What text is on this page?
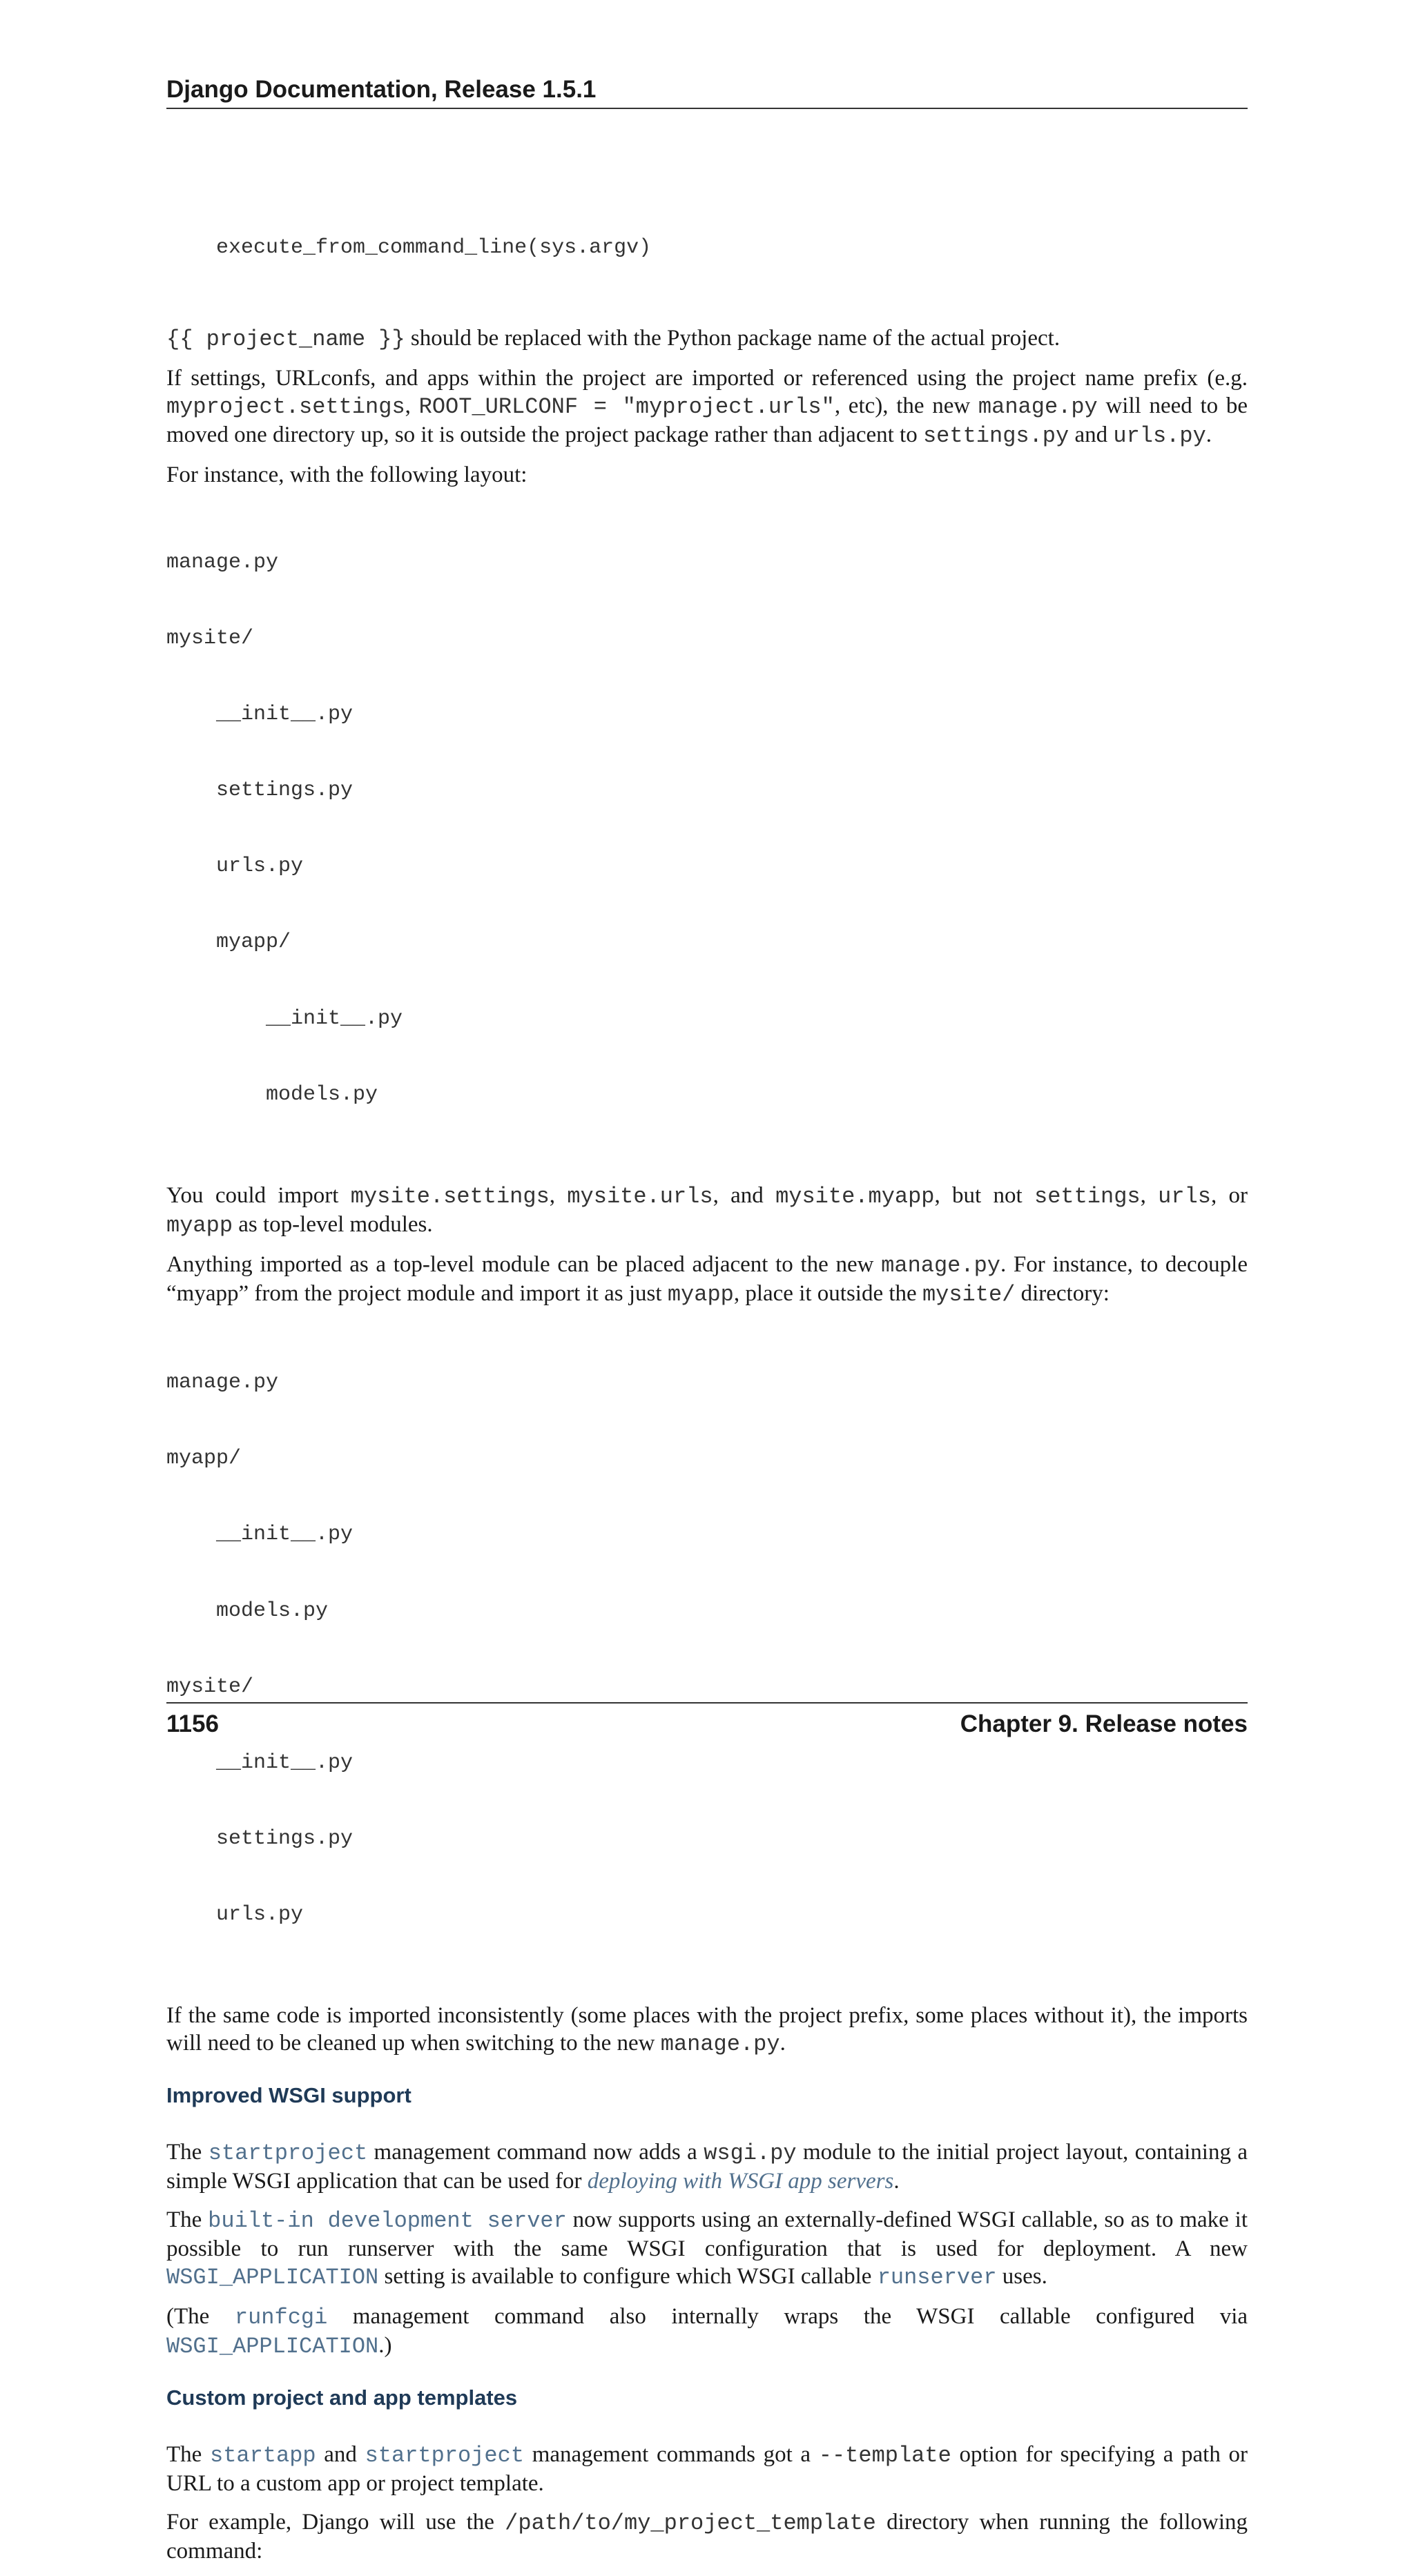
Django Documentation, Release 1.5.1

execute_from_command_line(sys.argv)

{{ project_name }} should be replaced with the Python package name of the actual project.

If settings, URLconfs, and apps within the project are imported or referenced using the project name prefix (e.g. myproject.settings, ROOT_URLCONF = "myproject.urls", etc), the new manage.py will need to be moved one directory up, so it is outside the project package rather than adjacent to settings.py and urls.py.

For instance, with the following layout:

manage.py

mysite/

__init__.py

settings.py

urls.py

myapp/

__init__.py

models.py

You could import mysite.settings, mysite.urls, and mysite.myapp, but not settings, urls, or myapp as top-level modules.

Anything imported as a top-level module can be placed adjacent to the new manage.py. For instance, to decouple “myapp” from the project module and import it as just myapp, place it outside the mysite/ directory:

manage.py

myapp/

__init__.py

models.py

mysite/

__init__.py

settings.py

urls.py

If the same code is imported inconsistently (some places with the project prefix, some places without it), the imports will need to be cleaned up when switching to the new manage.py.

Improved WSGI support

The startproject management command now adds a wsgi.py module to the initial project layout, containing a simple WSGI application that can be used for deploying with WSGI app servers.

The built-in development server now supports using an externally-defined WSGI callable, so as to make it possible to run runserver with the same WSGI configuration that is used for deployment. A new WSGI_APPLICATION setting is available to configure which WSGI callable runserver uses.

(The runfcgi management command also internally wraps the WSGI callable configured via WSGI_APPLICATION.)

Custom project and app templates

The startapp and startproject management commands got a --template option for specifying a path or URL to a custom app or project template.

For example, Django will use the /path/to/my_project_template directory when running the following command:

1156	Chapter 9. Release notes
